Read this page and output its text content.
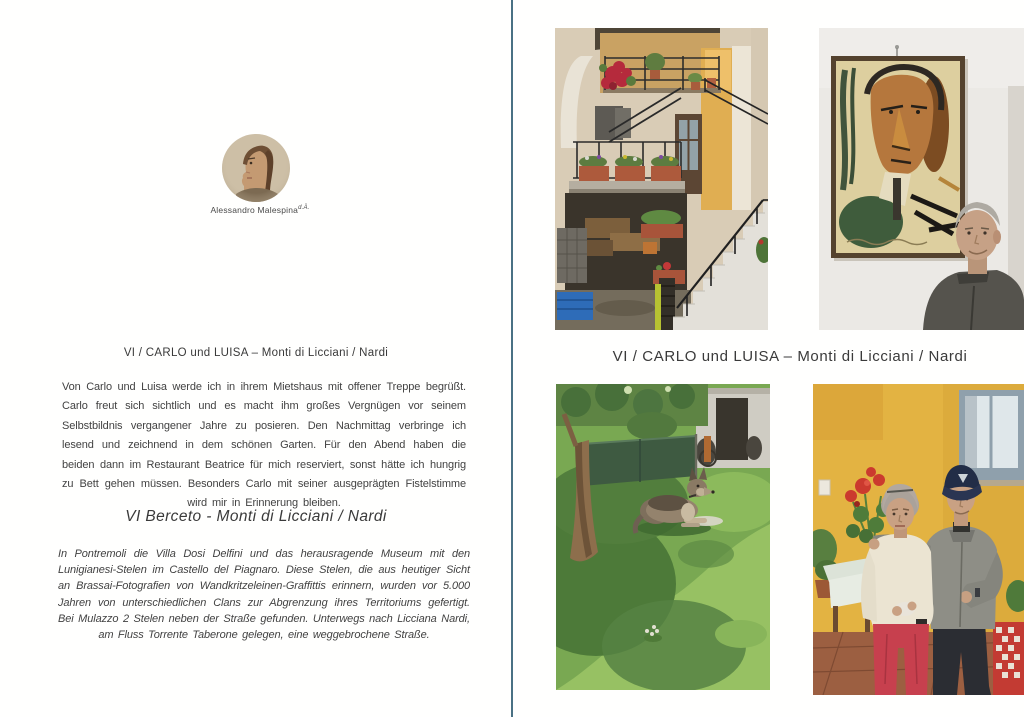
Alessandro Malespina$^{d.Ä.}$
VI / CARLO und LUISA – Monti di Licciani / Nardi
Von Carlo und Luisa werde ich in ihrem Mietshaus mit offener Treppe begrüßt. Carlo freut sich sichtlich und es macht ihm großes Vergnügen vor seinem Selbstbildnis vergangener Jahre zu posieren. Den Nachmittag verbringe ich lesend und zeichnend in dem schönen Garten. Für den Abend haben die beiden dann im Restaurant Beatrice für mich reserviert, sonst hätte ich hungrig zu Bett gehen müssen. Besonders Carlo mit seiner ausgeprägten Fistelstimme wird mir in Erinnerung bleiben.
VI Berceto - Monti di Licciani / Nardi
In Pontremoli die Villa Dosi Delfini und das herausragende Museum mit den Lunigianesi-Stelen im Castello del Piagnaro. Diese Stelen, die aus heutiger Sicht an Brassai-Fotografien von Wandkritzeleinen-Graffittis erinnern, wurden vor 5.000 Jahren von unterschiedlichen Clans zur Abgrenzung ihres Territoriums gefertigt. Bei Mulazzo 2 Stelen neben der Straße gefunden. Unterwegs nach Licciana Nardi, am Fluss Torrente Taberone gelegen, eine weggebrochene Straße.
VI / CARLO und LUISA – Monti di Licciani / Nardi
